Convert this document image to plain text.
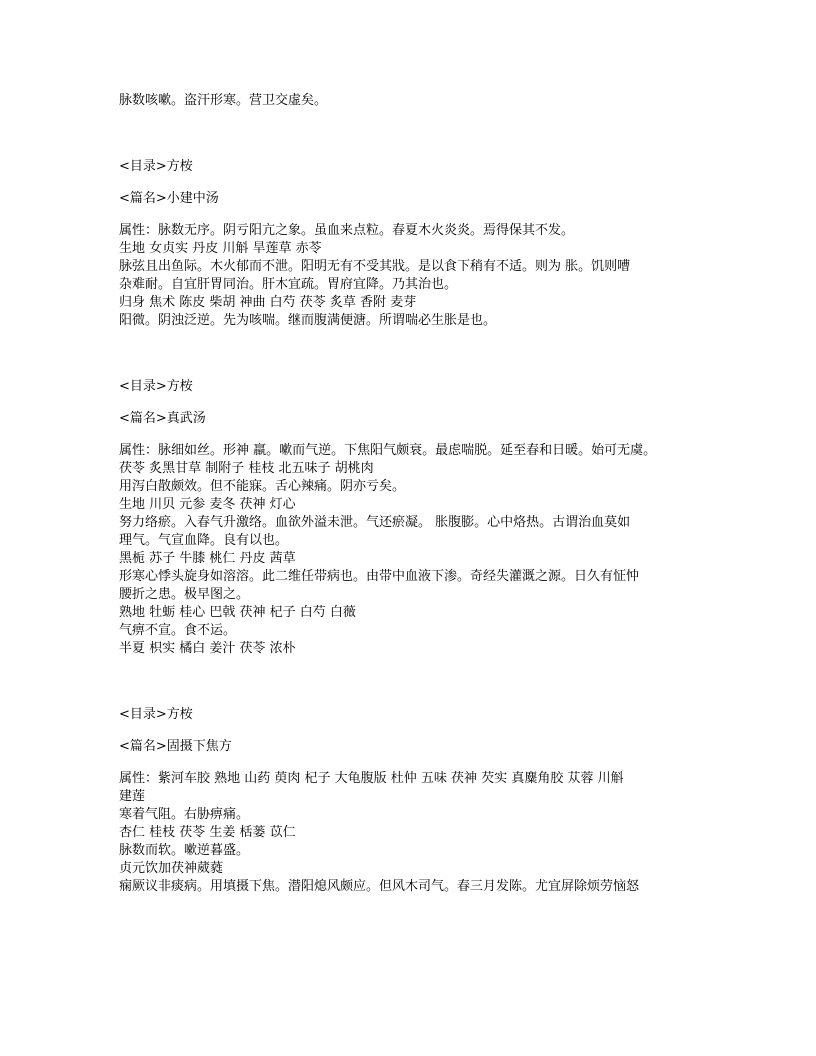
脉数咳嗽。盗汗形寒。营卫交虚矣。

<目录>方桉

<篇名>小建中汤

属性：脉数无序。阴亏阳亢之象。虽血来点粒。春夏木火炎炎。焉得保其不发。

生地 女贞实 丹皮 川斛 旱莲草 赤苓

脉弦且出鱼际。木火郁而不泄。阳明无有不受其戕。是以食下稍有不适。则为 胀。饥则嘈

杂难耐。自宜肝胃同治。肝木宜疏。胃府宜降。乃其治也。

归身 焦术 陈皮 柴胡 神曲 白芍 茯苓 炙草 香附 麦芽

阳微。阴浊泛逆。先为咳喘。继而腹满便溏。所谓喘必生胀是也。

<目录>方桉

<篇名>真武汤

属性：脉细如丝。形神 羸。嗽而气逆。下焦阳气颇衰。最虑喘脱。延至春和日暖。始可无虞。

茯苓 炙黑甘草 制附子 桂枝 北五味子 胡桃肉

用泻白散颇效。但不能寐。舌心辣痛。阴亦亏矣。

生地 川贝 元参 麦冬 茯神 灯心

努力络瘀。入春气升激络。血欲外溢未泄。气还瘀凝。 胀腹膨。心中烙热。古谓治血莫如

理气。气宣血降。良有以也。

黑栀 苏子 牛膝 桃仁 丹皮 茜草

形寒心悸头旋身如溶溶。此二维任带病也。由带中血液下渗。奇经失灌溉之源。日久有怔忡

腰折之患。极早图之。

熟地 牡蛎 桂心 巴戟 茯神 杞子 白芍 白薇

气痹不宣。食不运。

半夏 枳实 橘白 姜汁 茯苓 浓朴

<目录>方桉

<篇名>固摄下焦方

属性：紫河车胶 熟地 山药 萸肉 杞子 大龟腹版 杜仲 五味 茯神 芡实 真麋角胶 苁蓉 川斛

建莲

寒着气阻。右胁痹痛。

杏仁 桂枝 茯苓 生姜 栝蒌 苡仁

脉数而软。嗽逆暮盛。

贞元饮加茯神葳蕤

痫厥议非痰病。用填摄下焦。潜阳熄风颇应。但风木司气。春三月发陈。尤宜屏除烦劳恼怒
